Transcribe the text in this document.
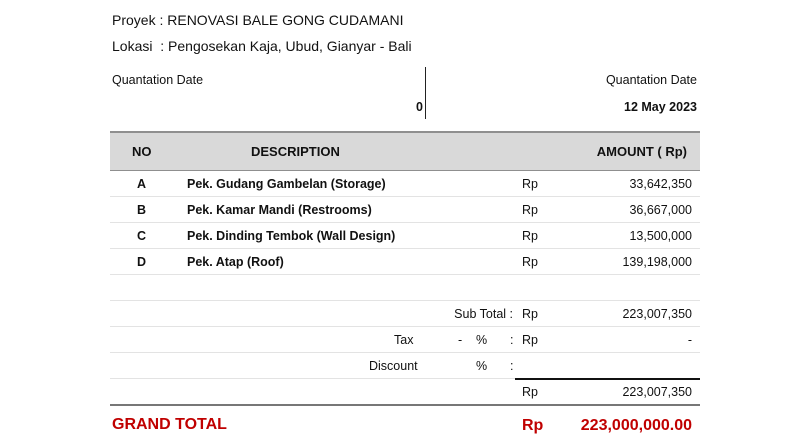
Proyek : RENOVASI BALE GONG CUDAMANI
Lokasi  : Pengosekan Kaja, Ubud, Gianyar - Bali
Quantation Date
0
Quantation Date
12 May 2023
NO	DESCRIPTION	AMOUNT ( Rp)
A	Pek. Gudang Gambelan (Storage)	Rp	33,642,350
B	Pek. Kamar Mandi (Restrooms)	Rp	36,667,000
C	Pek. Dinding Tembok (Wall Design)	Rp	13,500,000
D	Pek. Atap (Roof)	Rp	139,198,000
Sub Total : Rp	223,007,350
Tax	- % : Rp	-
Discount	% :
Rp	223,007,350
GRAND TOTAL	Rp 223,000,000.00
